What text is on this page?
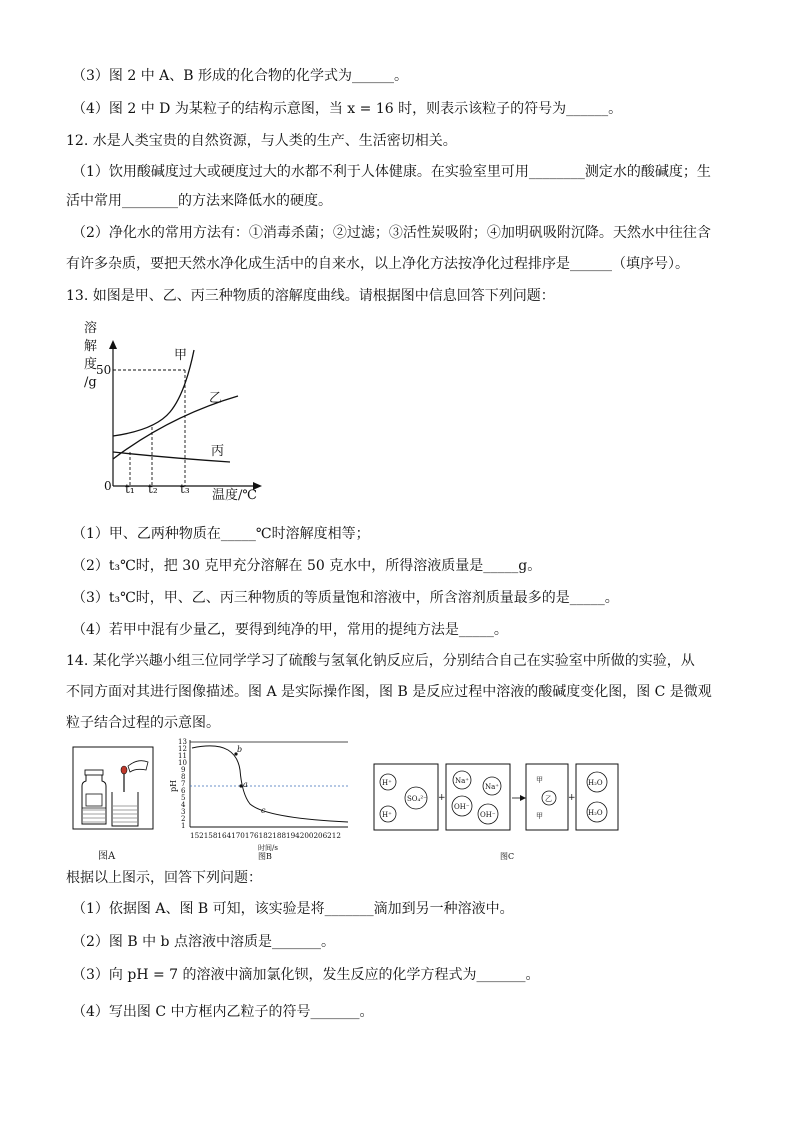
（3）图 2 中 A、B 形成的化合物的化学式为______。
（4）图 2 中 D 为某粒子的结构示意图，当 x = 16 时，则表示该粒子的符号为______。
12. 水是人类宝贵的自然资源，与人类的生产、生活密切相关。
（1）饮用酸碱度过大或硬度过大的水都不利于人体健康。在实验室里可用________测定水的酸碱度；生
活中常用________的方法来降低水的硬度。
（2）净化水的常用方法有：①消毒杀菌；②过滤；③活性炭吸附；④加明矾吸附沉降。天然水中往往含
有许多杂质，要把天然水净化成生活中的自来水，以上净化方法按净化过程排序是______（填序号）。
13. 如图是甲、乙、丙三种物质的溶解度曲线。请根据图中信息回答下列问题：
溶
解
度
/g
50
0
甲
乙
丙
t₁ t₂ t₃ 温度/℃
（1）甲、乙两种物质在_____℃时溶解度相等；
（2）t₃℃时，把 30 克甲充分溶解在 50 克水中，所得溶液质量是_____g。
（3）t₃℃时，甲、乙、丙三种物质的等质量饱和溶液中，所含溶剂质量最多的是_____。
（4）若甲中混有少量乙，要得到纯净的甲，常用的提纯方法是_____。
14. 某化学兴趣小组三位同学学习了硫酸与氢氧化钠反应后，分别结合自己在实验室中所做的实验，从
不同方面对其进行图像描述。图 A 是实际操作图，图 B 是反应过程中溶液的酸碱度变化图，图 C 是微观
粒子结合过程的示意图。
图A
pH
13
12
11
10
9
8
7
6
5
4
3
2
1
b
a
c
1521581641701761821881942002062​12
时间/s
图B
H⁺
SO₄²⁻
H⁺
+
Na⁺
Na⁺
OH⁻
OH⁻
甲
乙
甲
+
H₂O
H₂O
图C
根据以上图示，回答下列问题：
（1）依据图 A、图 B 可知，该实验是将_______滴加到另一种溶液中。
（2）图 B 中 b 点溶液中溶质是_______。
（3）向 pH = 7 的溶液中滴加氯化钡，发生反应的化学方程式为_______。
（4）写出图 C 中方框内乙粒子的符号_______。
